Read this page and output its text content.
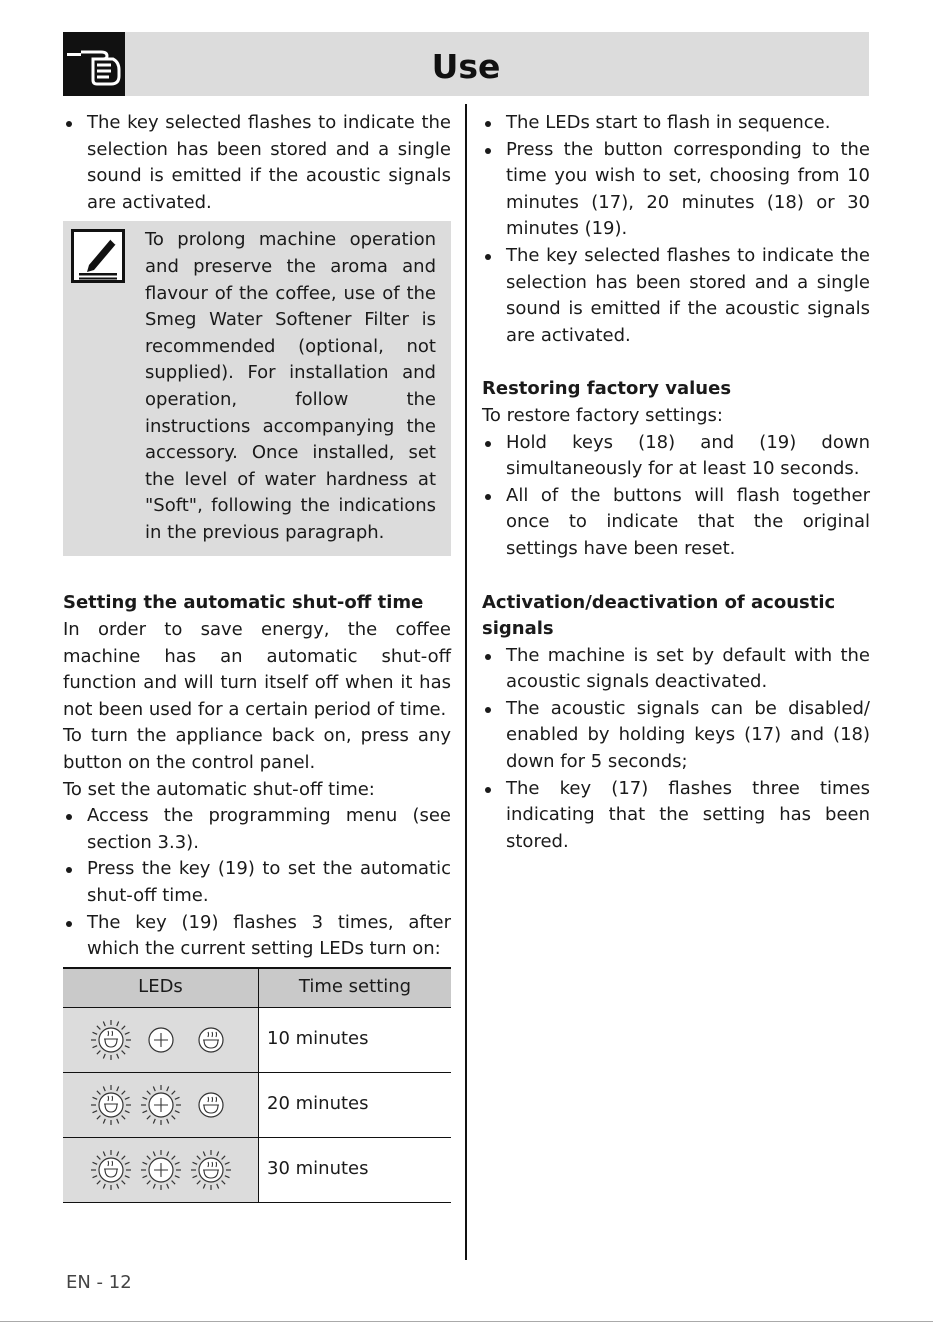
Use
The key selected flashes to indicate the selection has been stored and a single sound is emitted if the acoustic signals are activated.
To prolong machine operation and preserve the aroma and flavour of the coffee, use of the Smeg Water Softener Filter is recommended (optional, not supplied). For installation and operation, follow the instructions accompanying the accessory. Once installed, set the level of water hardness at "Soft", following the indications in the previous paragraph.
Setting the automatic shut-off time
In order to save energy, the coffee machine has an automatic shut-off function and will turn itself off when it has not been used for a certain period of time.
To turn the appliance back on, press any button on the control panel.
To set the automatic shut-off time:
Access the programming menu (see section 3.3).
Press the key (19) to set the automatic shut-off time.
The key (19) flashes 3 times, after which the current setting LEDs turn on:
LEDs	Time setting

	10 minutes

	20 minutes

	30 minutes
The LEDs start to flash in sequence.
Press the button corresponding to the time you wish to set, choosing from 10 minutes (17), 20 minutes (18) or 30 minutes (19).
The key selected flashes to indicate the selection has been stored and a single sound is emitted if the acoustic signals are activated.
Restoring factory values
To restore factory settings:
Hold keys (18) and (19) down simultaneously for at least 10 seconds.
All of the buttons will flash together once to indicate that the original settings have been reset.
Activation/deactivation of acoustic signals
The machine is set by default with the acoustic signals deactivated.
The acoustic signals can be disabled/ enabled by holding keys (17) and (18) down for 5 seconds;
The key (17) flashes three times indicating that the setting has been stored.
EN - 12
